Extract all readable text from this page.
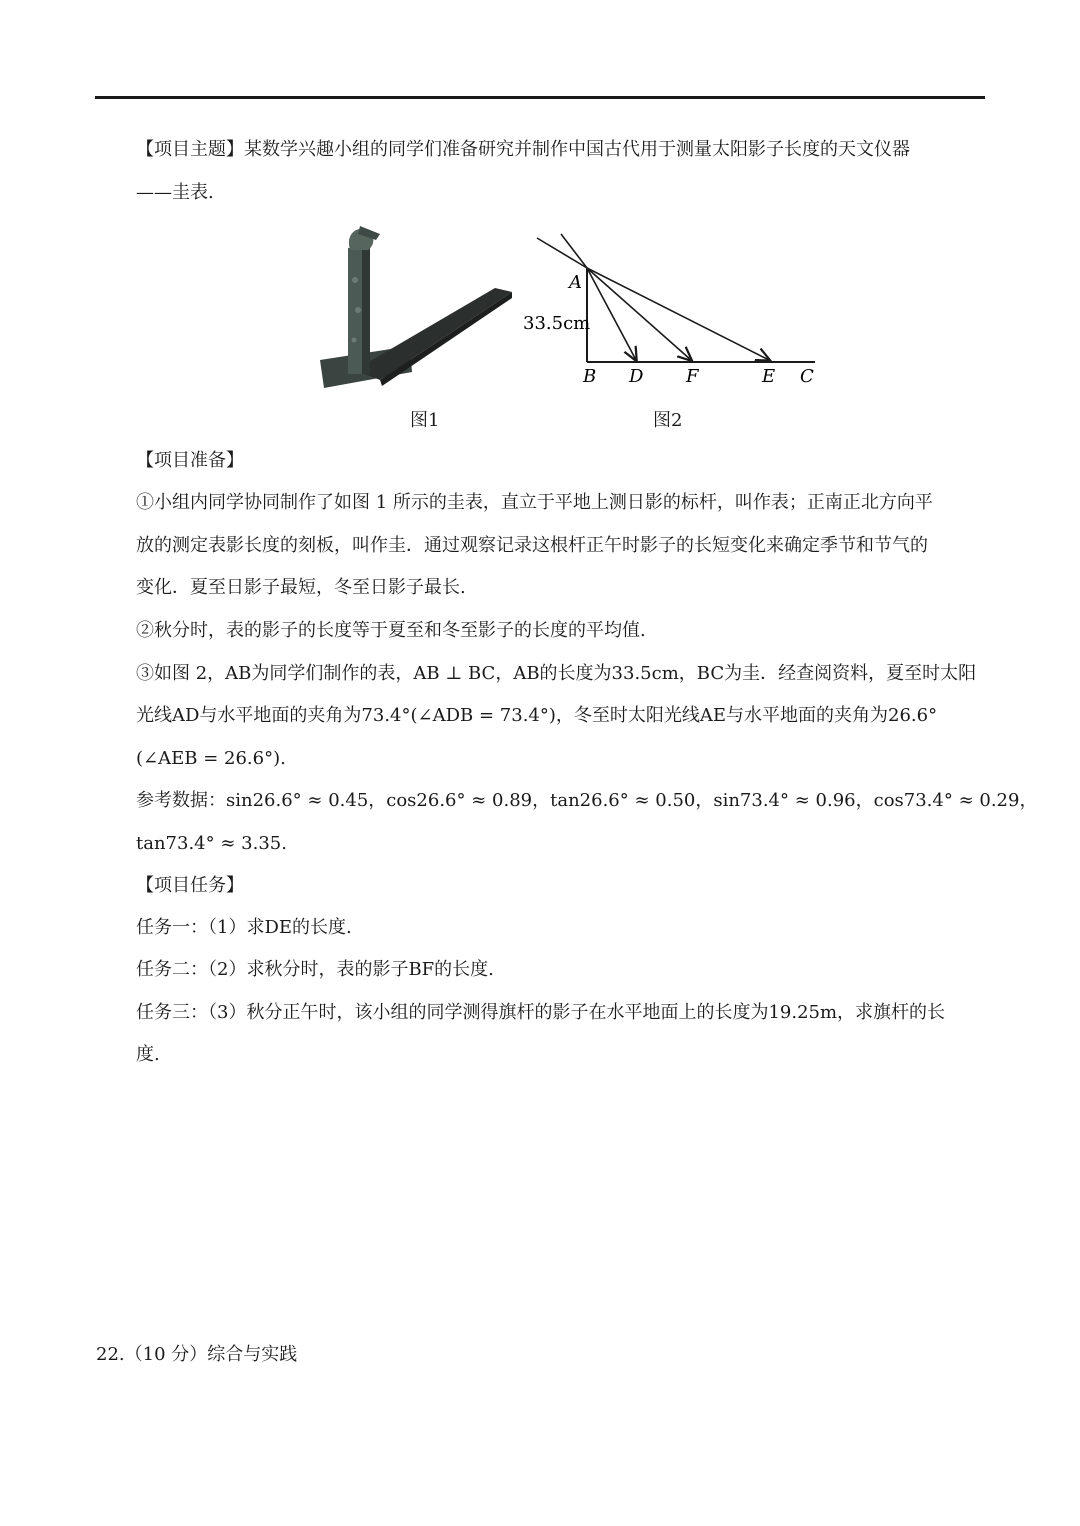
【项目主题】某数学兴趣小组的同学们准备研究并制作中国古代用于测量太阳影子长度的天文仪器
——圭表.
A
B D F	E C
33.5cm
图1	图2
【项目准备】
①小组内同学协同制作了如图 1 所示的圭表，直立于平地上测日影的标杆，叫作表；正南正北方向平
放的测定表影长度的刻板，叫作圭．通过观察记录这根杆正午时影子的长短变化来确定季节和节气的
变化．夏至日影子最短，冬至日影子最长.
②秋分时，表的影子的长度等于夏至和冬至影子的长度的平均值.
③如图 2，AB为同学们制作的表，AB ⊥ BC，AB的长度为33.5cm，BC为圭．经查阅资料，夏至时太阳
光线AD与水平地面的夹角为73.4°(∠ADB = 73.4°)，冬至时太阳光线AE与水平地面的夹角为26.6°
(∠AEB = 26.6°).
参考数据：sin26.6° ≈ 0.45，cos26.6° ≈ 0.89，tan26.6° ≈ 0.50，sin73.4° ≈ 0.96，cos73.4° ≈ 0.29，
tan73.4° ≈ 3.35.
【项目任务】
任务一：（1）求DE的长度.
任务二：（2）求秋分时，表的影子BF的长度.
任务三：（3）秋分正午时，该小组的同学测得旗杆的影子在水平地面上的长度为19.25m，求旗杆的长
度.
22.（10 分）综合与实践
